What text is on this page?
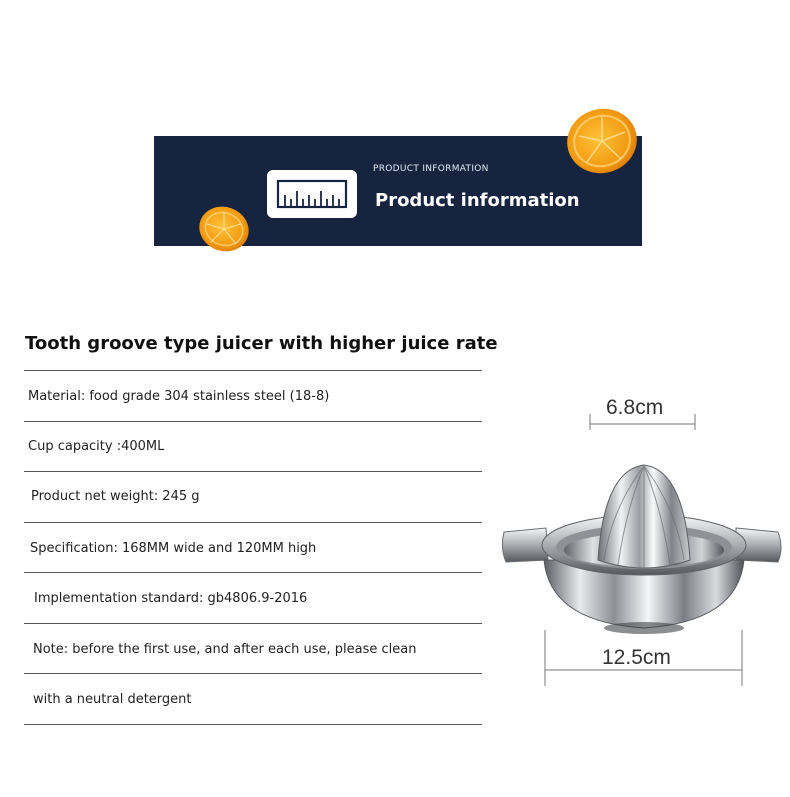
PRODUCT INFORMATION
Product information
Tooth groove type juicer with higher juice rate
Material: food grade 304 stainless steel (18-8)
Cup capacity :400ML
Product net weight: 245 g
Specification: 168MM wide and 120MM high
Implementation standard: gb4806.9-2016
Note: before the first use, and after each use, please clean
with a neutral detergent
6.8cm
12.5cm
